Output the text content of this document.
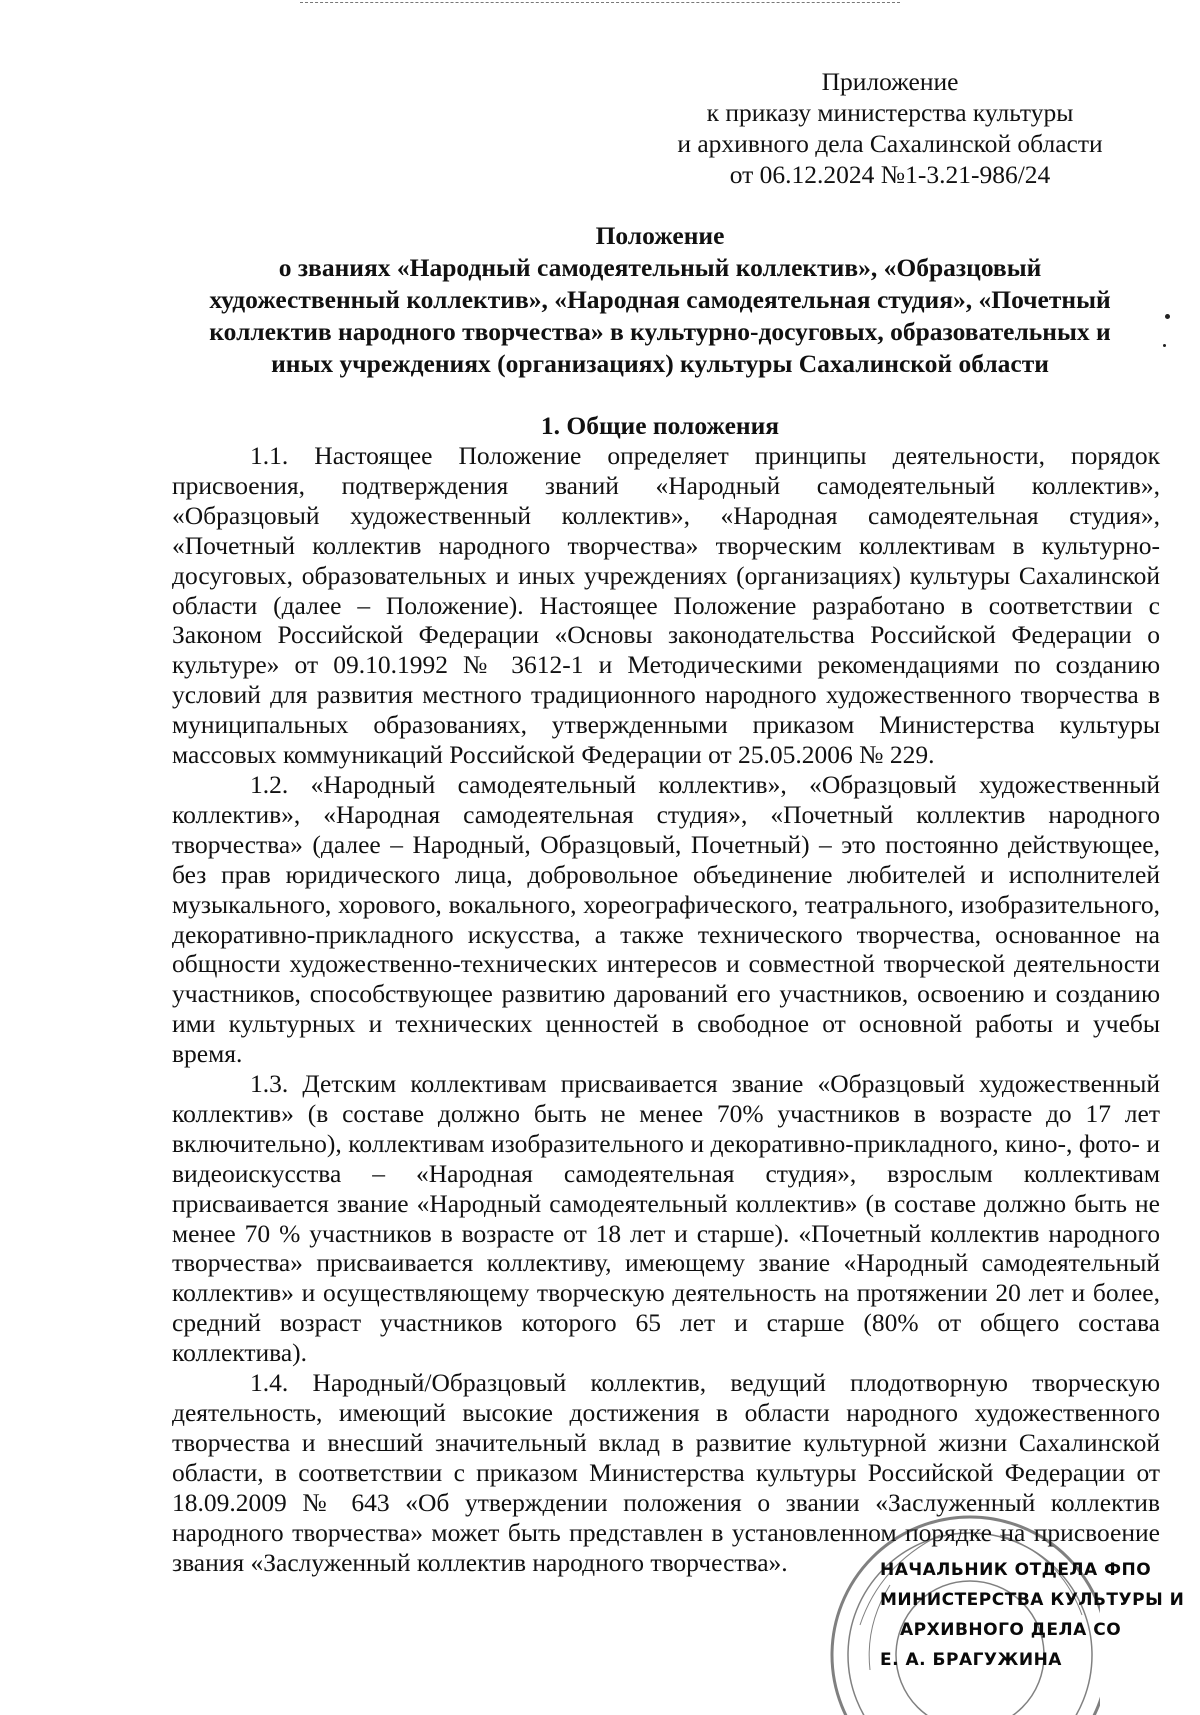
Приложение
к приказу министерства культуры
и архивного дела Сахалинской области
от 06.12.2024 №1-3.21-986/24
Положение
о званиях «Народный самодеятельный коллектив», «Образцовый
художественный коллектив», «Народная самодеятельная студия», «Почетный
коллектив народного творчества» в культурно-досуговых, образовательных и
иных учреждениях (организациях) культуры Сахалинской области
1. Общие положения

1.1. Настоящее Положение определяет принципы деятельности, порядок присвоения, подтверждения званий «Народный самодеятельный коллектив», «Образцовый художественный коллектив», «Народная самодеятельная студия», «Почетный коллектив народного творчества» творческим коллективам в культурно-досуговых, образовательных и иных учреждениях (организациях) культуры Сахалинской области (далее – Положение). Настоящее Положение разработано в соответствии с Законом Российской Федерации «Основы законодательства Российской Федерации о культуре» от 09.10.1992 № 3612-1 и Методическими рекомендациями по созданию условий для развития местного традиционного народного художественного творчества в муниципальных образованиях, утвержденными приказом Министерства культуры массовых коммуникаций Российской Федерации от 25.05.2006 № 229.

1.2. «Народный самодеятельный коллектив», «Образцовый художественный коллектив», «Народная самодеятельная студия», «Почетный коллектив народного творчества» (далее – Народный, Образцовый, Почетный) – это постоянно действующее, без прав юридического лица, добровольное объединение любителей и исполнителей музыкального, хорового, вокального, хореографического, театрального, изобразительного, декоративно-прикладного искусства, а также технического творчества, основанное на общности художественно-технических интересов и совместной творческой деятельности участников, способствующее развитию дарований его участников, освоению и созданию ими культурных и технических ценностей в свободное от основной работы и учебы время.

1.3. Детским коллективам присваивается звание «Образцовый художественный коллектив» (в составе должно быть не менее 70% участников в возрасте до 17 лет включительно), коллективам изобразительного и декоративно-прикладного, кино-, фото- и видеоискусства – «Народная самодеятельная студия», взрослым коллективам присваивается звание «Народный самодеятельный коллектив» (в составе должно быть не менее 70 % участников в возрасте от 18 лет и старше). «Почетный коллектив народного творчества» присваивается коллективу, имеющему звание «Народный самодеятельный коллектив» и осуществляющему творческую деятельность на протяжении 20 лет и более, средний возраст участников которого 65 лет и старше (80% от общего состава коллектива).

1.4. Народный/Образцовый коллектив, ведущий плодотворную творческую деятельность, имеющий высокие достижения в области народного художественного творчества и внесший значительный вклад в развитие культурной жизни Сахалинской области, в соответствии с приказом Министерства культуры Российской Федерации от 18.09.2009 № 643 «Об утверждении положения о звании «Заслуженный коллектив народного творчества» может быть представлен в установленном порядке на присвоение звания «Заслуженный коллектив народного творчества».	НАЧАЛЬНИК ОТДЕЛА ФПО
МИНИСТЕРСТВА КУЛЬТУРЫ И
АРХИВНОГО ДЕЛА СО
Е. А. БРАГУЖИНА
